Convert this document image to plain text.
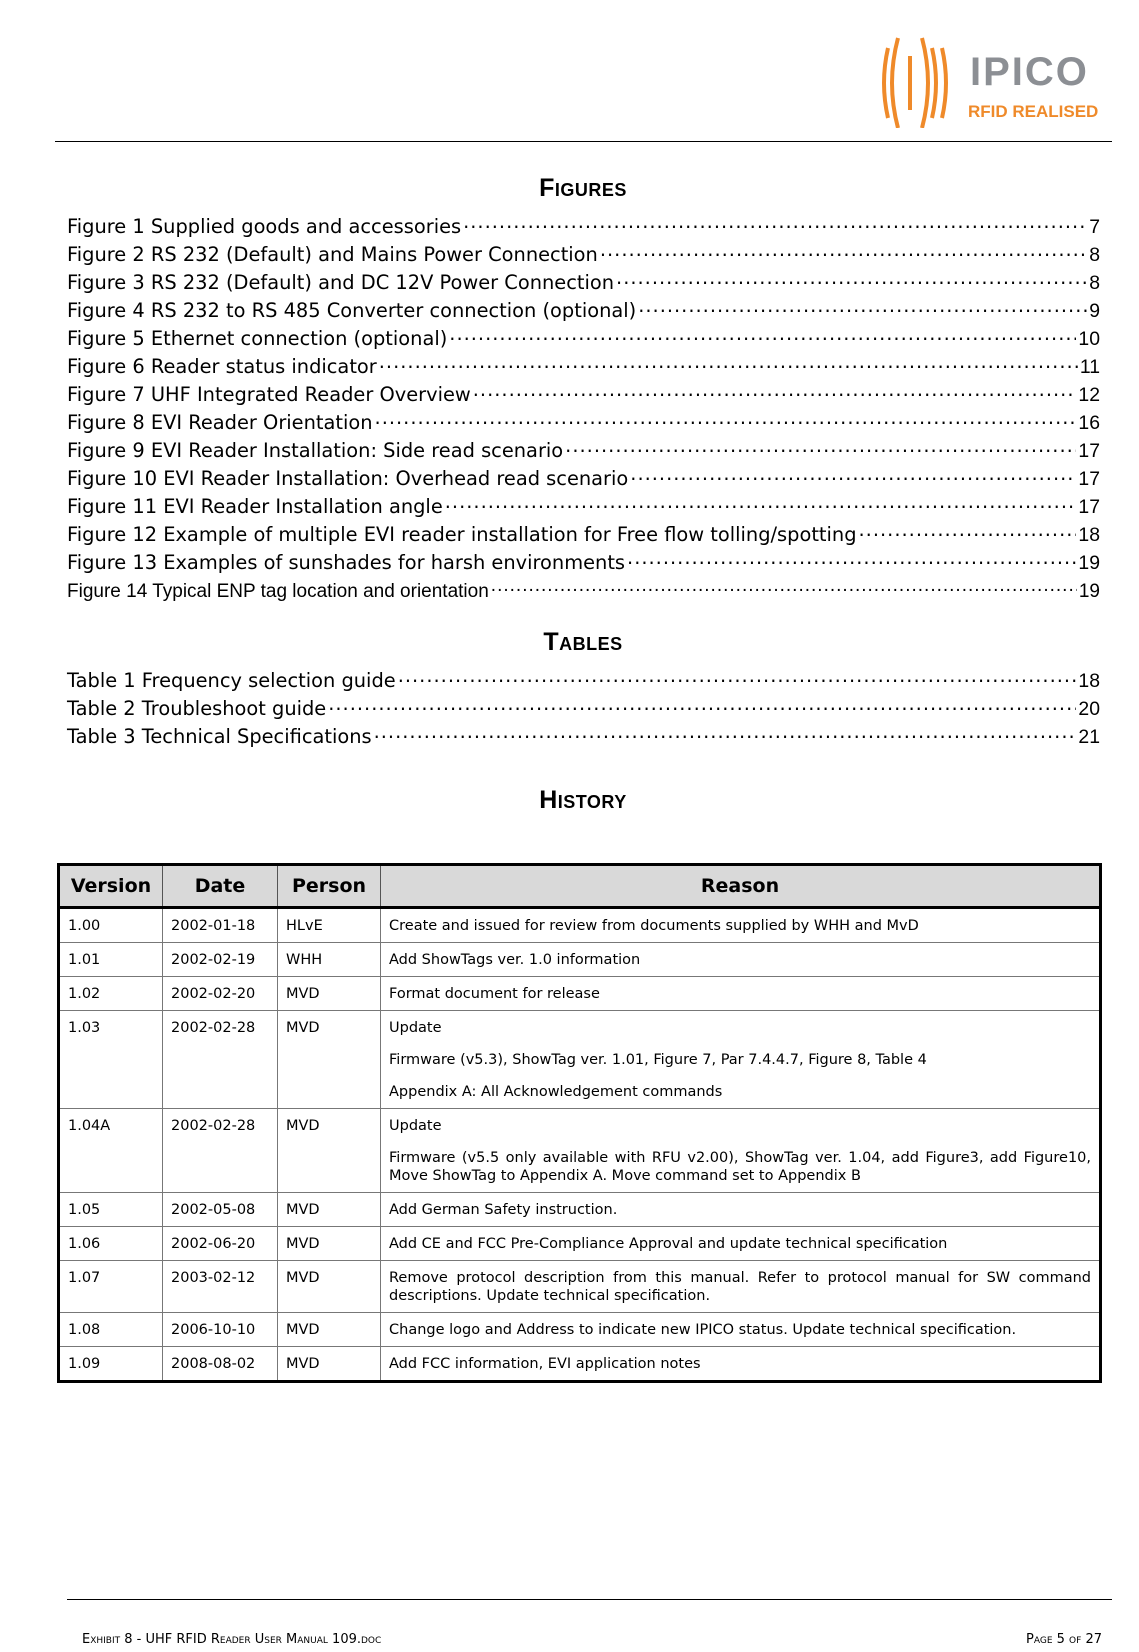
IPICO
RFID REALISED
Figures
Figure 1 Supplied goods and accessories .....	7
Figure 2 RS 232 (Default) and Mains Power Connection .....	8
Figure 3 RS 232 (Default) and DC 12V Power Connection .....	8
Figure 4 RS 232 to RS 485 Converter connection (optional) .....	9
Figure 5 Ethernet connection (optional) .....	10
Figure 6 Reader status indicator .....	11
Figure 7 UHF Integrated Reader Overview .....	12
Figure 8 EVI Reader Orientation .....	16
Figure 9 EVI Reader Installation: Side read scenario .....	17
Figure 10 EVI Reader Installation: Overhead read scenario .....	17
Figure 11 EVI Reader Installation angle .....	17
Figure 12 Example of multiple EVI reader installation for Free flow tolling/spotting .....	18
Figure 13 Examples of sunshades for harsh environments .....	19
Figure 14 Typical ENP tag location and orientation .....	19
Tables
Table 1 Frequency selection guide .....	18
Table 2 Troubleshoot guide .....	20
Table 3 Technical Specifications .....	21
History
Version	Date	Person	Reason
1.00	2002-01-18	HLvE	Create and issued for review from documents supplied by WHH and MvD

1.01	2002-02-19	WHH	Add ShowTags ver. 1.0 information

1.02	2002-02-20	MVD	Format document for release

1.03	2002-02-28	MVD	Update

Firmware (v5.3), ShowTag ver. 1.01, Figure 7, Par 7.4.4.7, Figure 8, Table 4

Appendix A: All Acknowledgement commands

1.04A	2002-02-28	MVD	Update

Firmware (v5.5 only available with RFU v2.00), ShowTag ver. 1.04, add Figure3, add Figure10, Move ShowTag to Appendix A. Move command set to Appendix B

1.05	2002-05-08	MVD	Add German Safety instruction.

1.06	2002-06-20	MVD	Add CE and FCC Pre-Compliance Approval and update technical specification

1.07	2003-02-12	MVD	Remove protocol description from this manual. Refer to protocol manual for SW command descriptions. Update technical specification.

1.08	2006-10-10	MVD	Change logo and Address to indicate new IPICO status. Update technical specification.

1.09	2008-08-02	MVD	Add FCC information, EVI application notes

Exhibit 8 - UHF RFID Reader User Manual 109.doc	Page 5 of 27
